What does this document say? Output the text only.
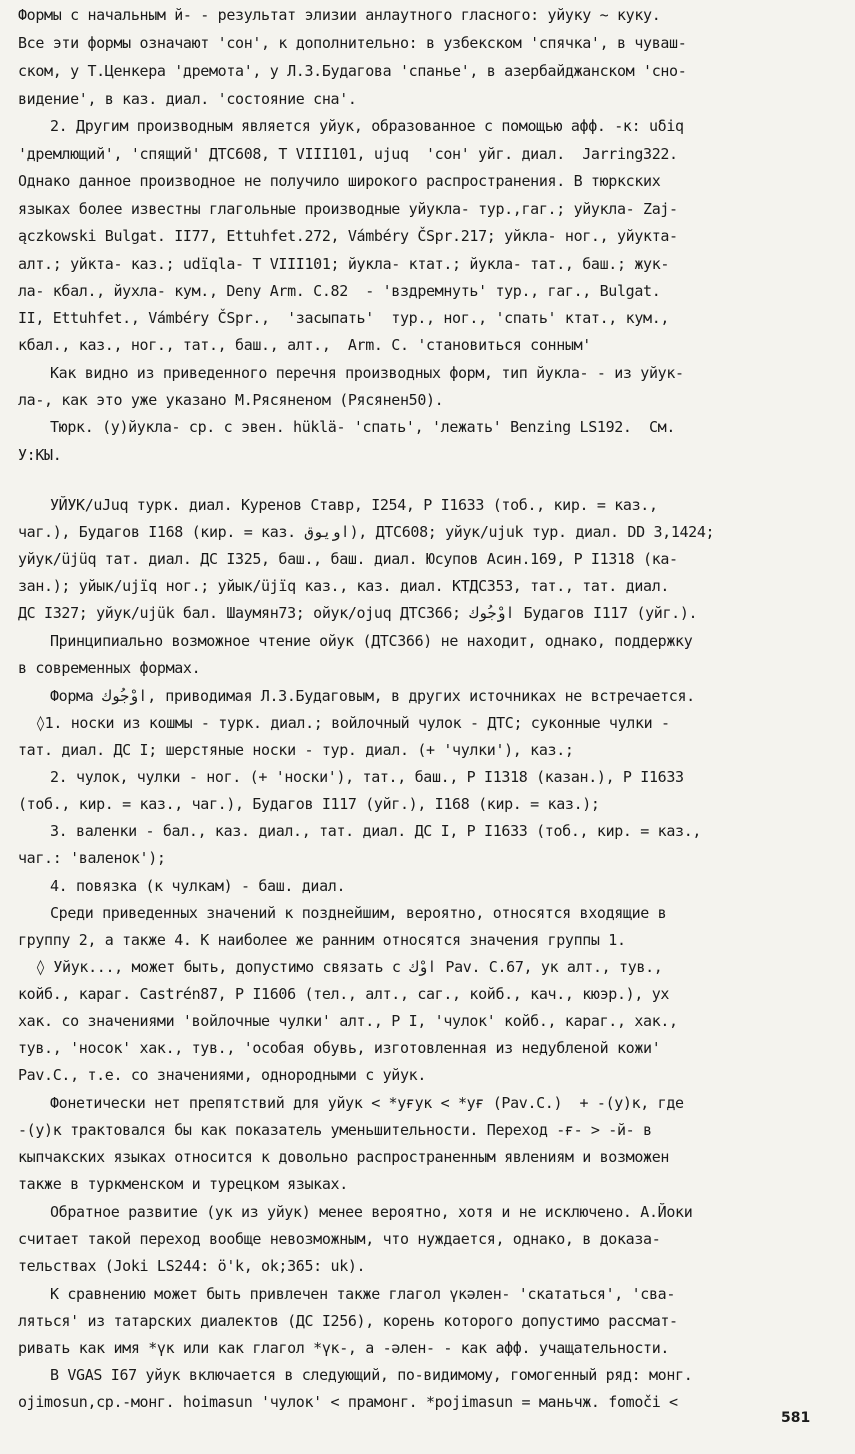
Формы с начальным й- - результат элизии анлаутного гласного: уйуку ~ куку.
Все эти формы означают 'сон', к дополнительно: в узбекском 'спячка', в чуваш-
ском, у Т.Ценкера 'дремота', у Л.З.Будагова 'спанье', в азербайджанском 'сно-
видение', в каз. диал. 'состояние сна'.
2. Другим производным является уйук, образованное с помощью афф. -к: uδiq
'дремлющий', 'спящий' ДТС608, Т VIII101, ujuq  'сон' уйг. диал.  Jarring322.
Однако данное производное не получило широкого распространения. В тюркских
языках более известны глагольные производные уйукла- тур.,гаг.; уйукла- Zaj-
ączkowski Bulgat. II77, Ettuhfet.272, Vámbéry ČSpr.217; уйкла- ног., уйукта-
алт.; уйкта- каз.; udïqla- Т VIII101; йукла- ктат.; йукла- тат., баш.; жук-
ла- кбал., йухла- кум., Deny Arm. C.82  - 'вздремнуть' тур., гаг., Bulgat.
II, Ettuhfet., Vámbéry ČSpr.,  'засыпать'  тур., ног., 'спать' ктат., кум.,
кбал., каз., ног., тат., баш., алт.,  Arm. C. 'становиться сонным'
Как видно из приведенного перечня производных форм, тип йукла- - из уйук-
ла-, как это уже указано М.Рясяненом (Рясянен50).
Тюрк. (у)йукла- ср. с эвен. hüklä- 'спать', 'лежать' Benzing LS192.  См.
У:КЫ.
УЙУК/uJuq турк. диал. Куренов Ставр, I254, Р I1633 (тоб., кир. = каз.,
чаг.), Будагов I168 (кир. = каз. اويوق), ДТС608; уйук/ujuk тур. диал. DD 3,1424;
уйук/üjüq тат. диал. ДС I325, баш., баш. диал. Юсупов Асин.169, Р I1318 (ка-
зан.); уйык/ujïq ног.; уйык/üjïq каз., каз. диал. КТДС353, тат., тат. диал.
ДС I327; уйук/ujük бал. Шаумян73; ойук/ojuq ДТС366; اوْجُوك Будагов I117 (уйг.).
Принципиально возможное чтение ойук (ДТС366) не находит, однако, поддержку
в современных формах.
Форма اوْجُوك, приводимая Л.З.Будаговым, в других источниках не встречается.
◊1. носки из кошмы - турк. диал.; войлочный чулок - ДТС; суконные чулки -
тат. диал. ДС I; шерстяные носки - тур. диал. (+ 'чулки'), каз.;
2. чулок, чулки - ног. (+ 'носки'), тат., баш., Р I1318 (казан.), Р I1633
(тоб., кир. = каз., чаг.), Будагов I117 (уйг.), I168 (кир. = каз.);
3. валенки - бал., каз. диал., тат. диал. ДС I, Р I1633 (тоб., кир. = каз.,
чаг.: 'валенок');
4. повязка (к чулкам) - баш. диал.
Среди приведенных значений к позднейшим, вероятно, относятся входящие в
группу 2, а также 4. К наиболее же ранним относятся значения группы 1.
◊ Уйук..., может быть, допустимо связать с اوْك Pav. C.67, ук алт., тув.,
койб., караг. Castrén87, Р I1606 (тел., алт., саг., койб., кач., кюэр.), ух
хак. со значениями 'войлочные чулки' алт., Р I, 'чулок' койб., караг., хак.,
тув., 'носок' хак., тув., 'особая обувь, изготовленная из недубленой кожи'
Pav.C., т.е. со значениями, однородными с уйук.
Фонетически нет препятствий для уйук < *уғук < *уғ (Pav.C.)  + -(у)к, где
-(у)к трактовался бы как показатель уменьшительности. Переход -ғ- > -й- в
кыпчакских языках относится к довольно распространенным явлениям и возможен
также в туркменском и турецком языках.
Обратное развитие (ук из уйук) менее вероятно, хотя и не исключено. А.Йоки
считает такой переход вообще невозможным, что нуждается, однако, в доказа-
тельствах (Joki LS244: ö'k, ok;365: uk).
К сравнению может быть привлечен также глагол үкәлен- 'скататься', 'сва-
ляться' из татарских диалектов (ДС I256), корень которого допустимо рассмат-
ривать как имя *үк или как глагол *үк-, а -әлен- - как афф. учащательности.
В VGAS I67 уйук включается в следующий, по-видимому, гомогенный ряд: монг.
ojimosun,ср.-монг. hoimasun 'чулок' < прамонг. *pojimasun = маньчж. fomoči <
581
